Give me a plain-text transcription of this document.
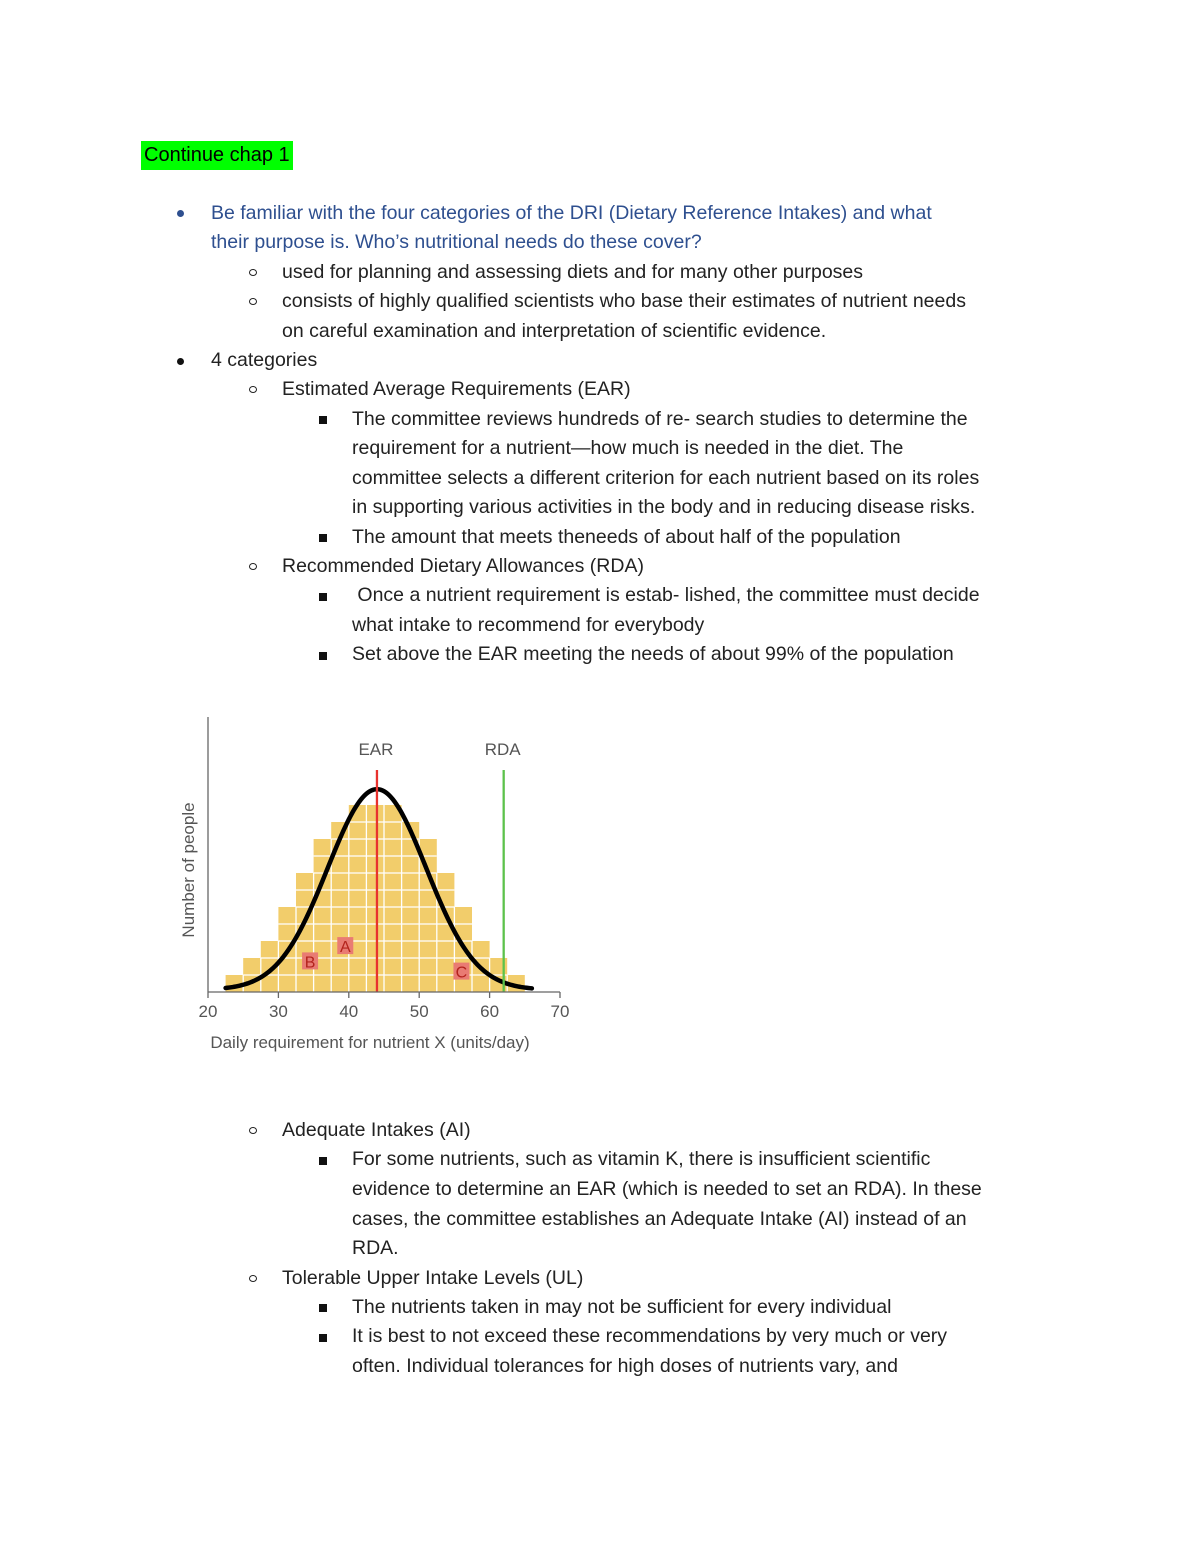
Continue chap 1
Be familiar with the four categories of the DRI (Dietary Reference Intakes) and what
their purpose is. Who’s nutritional needs do these cover?
used for planning and assessing diets and for many other purposes
consists of highly qualified scientists who base their estimates of nutrient needs
on careful examination and interpretation of scientific evidence.
4 categories
Estimated Average Requirements (EAR)
The committee reviews hundreds of re- search studies to determine the
requirement for a nutrient—how much is needed in the diet. The
committee selects a different criterion for each nutrient based on its roles
in supporting various activities in the body and in reducing disease risks.
The amount that meets theneeds of about half of the population
Recommended Dietary Allowances (RDA)
Once a nutrient requirement is estab- lished, the committee must decide
what intake to recommend for everybody
Set above the EAR meeting the needs of about 99% of the population
EAR	RDA
A
B
C
20	30	40	50	60	70
Daily requirement for nutrient X (units/day)
Number of people
Adequate Intakes (AI)
For some nutrients, such as vitamin K, there is insufficient scientific
evidence to determine an EAR (which is needed to set an RDA). In these
cases, the committee establishes an Adequate Intake (AI) instead of an
RDA.
Tolerable Upper Intake Levels (UL)
The nutrients taken in may not be sufficient for every individual
It is best to not exceed these recommendations by very much or very
often. Individual tolerances for high doses of nutrients vary, and
